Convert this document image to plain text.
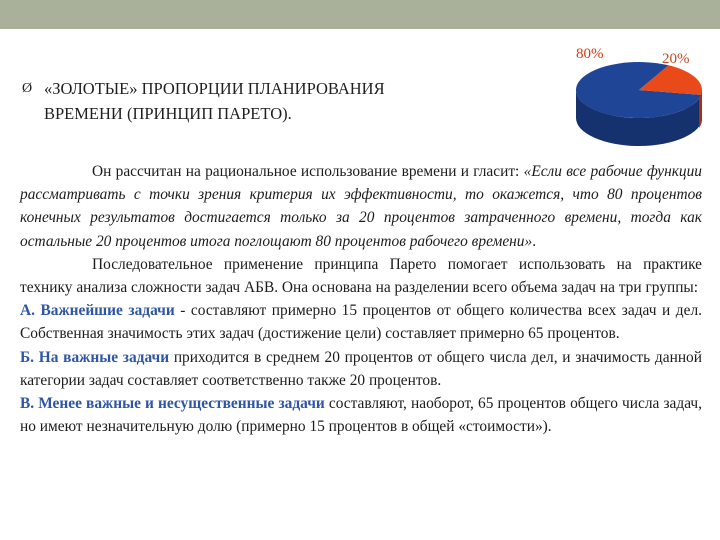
80%	20%
Ø «ЗОЛОТЫЕ» ПРОПОРЦИИ ПЛАНИРОВАНИЯ
ВРЕМЕНИ (ПРИНЦИП ПАРЕТО).

Он рассчитан на рациональное использование времени и гласит: «Если все рабочие функции рассматривать с точки зрения критерия их эффективности, то окажется, что 80 процентов конечных результатов достигается только за 20 процентов затраченного времени, тогда как остальные 20 процентов итога поглощают 80 процентов рабочего времени».

Последовательное применение принципа Парето помогает использовать на практике технику анализа сложности задач АБВ. Она основана на разделении всего объема задач на три группы:

А. Важнейшие задачи - составляют примерно 15 процентов от общего количества всех задач и дел. Собственная значимость этих задач (достижение цели) составляет примерно 65 процентов.

Б. На важные задачи приходится в среднем 20 процентов от общего числа дел, и значимость данной категории задач составляет соответственно также 20 процентов.

В. Менее важные и несущественные задачи составляют, наоборот, 65 процентов общего числа задач, но имеют незначительную долю (примерно 15 процентов в общей «стоимости»).
